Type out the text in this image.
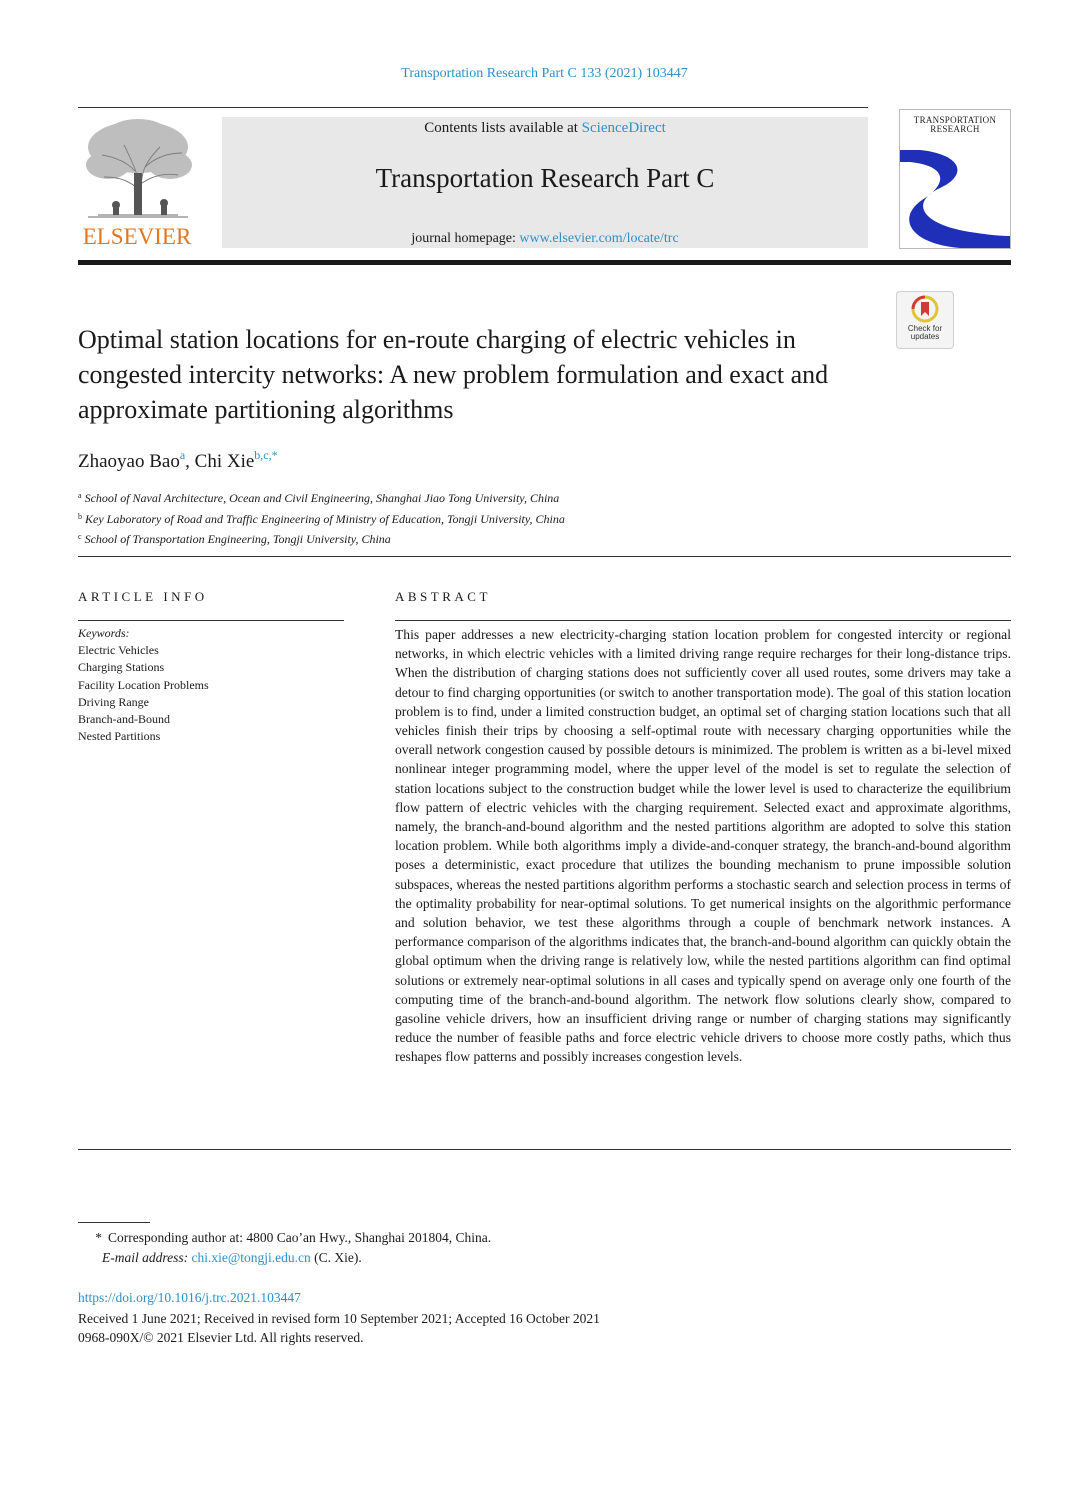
Transportation Research Part C 133 (2021) 103447
ELSEVIER
Contents lists available at ScienceDirect
Transportation Research Part C
journal homepage: www.elsevier.com/locate/trc
TRANSPORTATION
RESEARCH
Check for
updates
Optimal station locations for en-route charging of electric vehicles in congested intercity networks: A new problem formulation and exact and approximate partitioning algorithms
Zhaoyao Bao$^a$, Chi Xie$^{b,c,*}$
$^a$ School of Naval Architecture, Ocean and Civil Engineering, Shanghai Jiao Tong University, China
$^b$ Key Laboratory of Road and Traffic Engineering of Ministry of Education, Tongji University, China
$^c$ School of Transportation Engineering, Tongji University, China
ARTICLE INFO
Keywords:
Electric Vehicles
Charging Stations
Facility Location Problems
Driving Range
Branch-and-Bound
Nested Partitions
ABSTRACT

This paper addresses a new electricity-charging station location problem for congested intercity or regional networks, in which electric vehicles with a limited driving range require recharges for their long-distance trips. When the distribution of charging stations does not sufficiently cover all used routes, some drivers may take a detour to find charging opportunities (or switch to another transportation mode). The goal of this station location problem is to find, under a limited construction budget, an optimal set of charging station locations such that all vehicles finish their trips by choosing a self-optimal route with necessary charging opportunities while the overall network congestion caused by possible detours is minimized. The problem is written as a bi-level mixed nonlinear integer programming model, where the upper level of the model is set to regulate the selection of station locations subject to the construction budget while the lower level is used to characterize the equilibrium flow pattern of electric vehicles with the charging requirement. Selected exact and approximate algorithms, namely, the branch-and-bound algorithm and the nested partitions algorithm are adopted to solve this station location problem. While both algorithms imply a divide-and-conquer strategy, the branch-and-bound algorithm poses a deterministic, exact procedure that utilizes the bounding mechanism to prune impossible solution subspaces, whereas the nested partitions algorithm performs a stochastic search and selection process in terms of the optimality probability for near-optimal solutions. To get numerical insights on the algorithmic performance and solution behavior, we test these algorithms through a couple of benchmark network instances. A performance comparison of the algorithms indicates that, the branch-and-bound algorithm can quickly obtain the global optimum when the driving range is relatively low, while the nested partitions algorithm can find optimal solutions or extremely near-optimal solutions in all cases and typically spend on average only one fourth of the computing time of the branch-and-bound algorithm. The network flow solutions clearly show, compared to gasoline vehicle drivers, how an insufficient driving range or number of charging stations may significantly reduce the number of feasible paths and force electric vehicle drivers to choose more costly paths, which thus reshapes flow patterns and possibly increases congestion levels.

* Corresponding author at: 4800 Cao’an Hwy., Shanghai 201804, China.
E-mail address: chi.xie@tongji.edu.cn (C. Xie).
https://doi.org/10.1016/j.trc.2021.103447
Received 1 June 2021; Received in revised form 10 September 2021; Accepted 16 October 2021
0968-090X/© 2021 Elsevier Ltd. All rights reserved.
